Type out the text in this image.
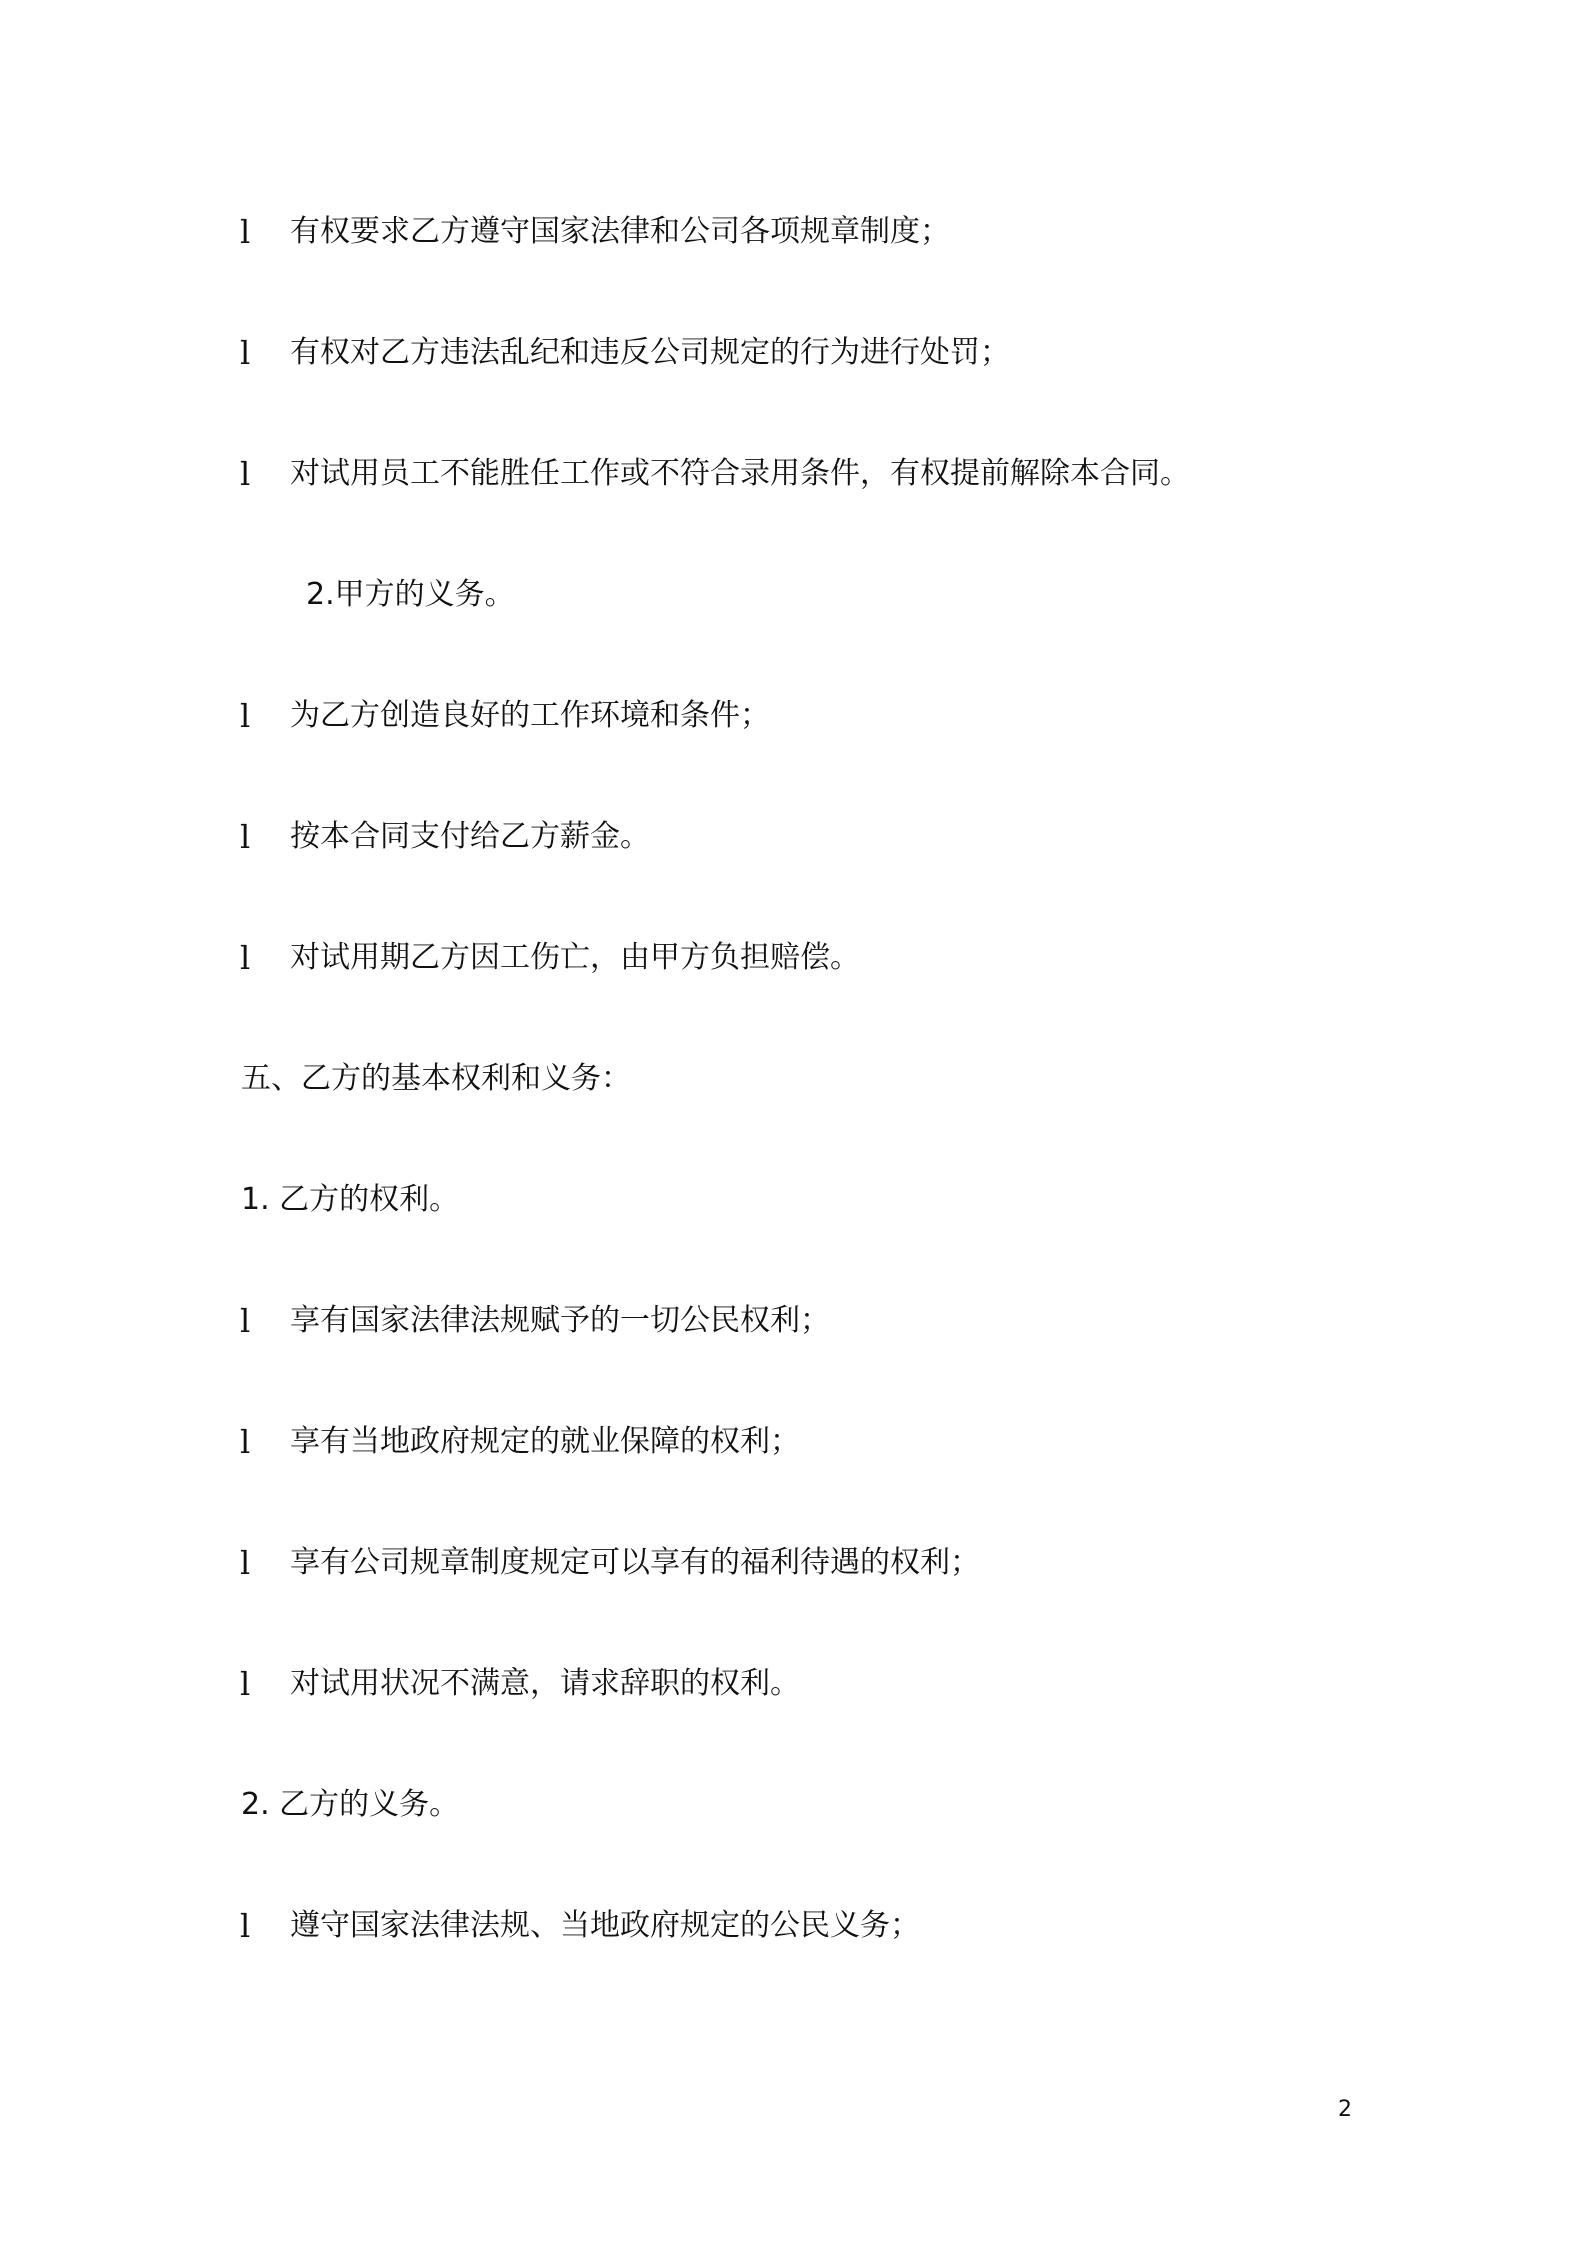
l 有权要求乙方遵守国家法律和公司各项规章制度；
l 有权对乙方违法乱纪和违反公司规定的行为进行处罚；
l 对试用员工不能胜任工作或不符合录用条件，有权提前解除本合同。
2.甲方的义务。
l 为乙方创造良好的工作环境和条件；
l 按本合同支付给乙方薪金。
l 对试用期乙方因工伤亡，由甲方负担赔偿。
五、乙方的基本权利和义务：
1. 乙方的权利。
l 享有国家法律法规赋予的一切公民权利；
l 享有当地政府规定的就业保障的权利；
l 享有公司规章制度规定可以享有的福利待遇的权利；
l 对试用状况不满意，请求辞职的权利。
2. 乙方的义务。
l 遵守国家法律法规、当地政府规定的公民义务；
2
